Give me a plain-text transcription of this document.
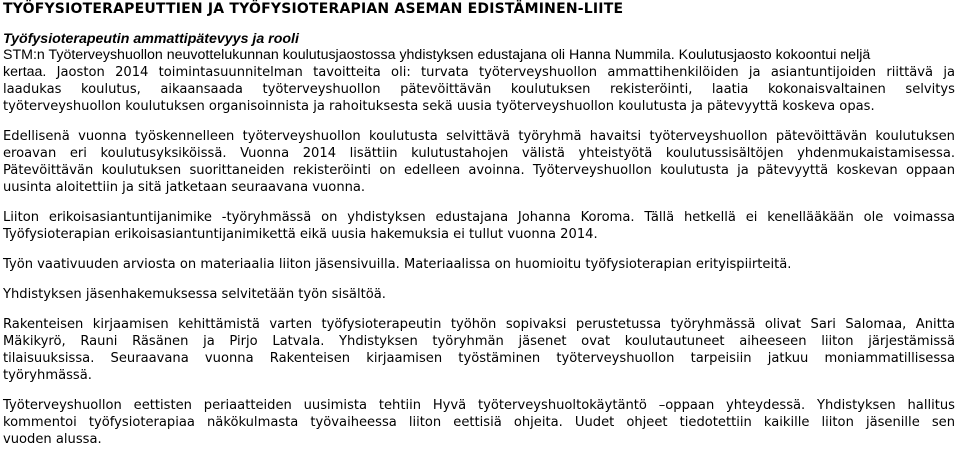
TYÖFYSIOTERAPEUTTIEN JA TYÖFYSIOTERAPIAN ASEMAN EDISTÄMINEN-LIITE
Työfysioterapeutin ammattipätevyys ja rooli
STM:n Työterveyshuollon neuvottelukunnan koulutusjaostossa yhdistyksen edustajana oli Hanna Nummila. Koulutusjaosto kokoontui neljä
kertaa. Jaoston 2014 toimintasuunnitelman tavoitteita oli: turvata työterveyshuollon ammattihenkilöiden ja asiantuntijoiden riittävä ja
laadukas koulutus, aikaansaada työterveyshuollon pätevöittävän koulutuksen rekisteröinti, laatia kokonaisvaltainen selvitys
työterveyshuollon koulutuksen organisoinnista ja rahoituksesta sekä uusia työterveyshuollon koulutusta ja pätevyyttä koskeva opas.
Edellisenä vuonna työskennelleen työterveyshuollon koulutusta selvittävä työryhmä havaitsi työterveyshuollon pätevöittävän koulutuksen
eroavan eri koulutusyksiköissä. Vuonna 2014 lisättiin kulutustahojen välistä yhteistyötä koulutussisältöjen yhdenmukaistamisessa.
Pätevöittävän koulutuksen suorittaneiden rekisteröinti on edelleen avoinna. Työterveyshuollon koulutusta ja pätevyyttä koskevan oppaan
uusinta aloitettiin ja sitä jatketaan seuraavana vuonna.
Liiton erikoisasiantuntijanimike -työryhmässä on yhdistyksen edustajana Johanna Koroma. Tällä hetkellä ei kenellääkään ole voimassa
Työfysioterapian erikoisasiantuntijanimikettä eikä uusia hakemuksia ei tullut vuonna 2014.
Työn vaativuuden arviosta on materiaalia liiton jäsensivuilla. Materiaalissa on huomioitu työfysioterapian erityispiirteitä.
Yhdistyksen jäsenhakemuksessa selvitetään työn sisältöä.
Rakenteisen kirjaamisen kehittämistä varten työfysioterapeutin työhön sopivaksi perustetussa työryhmässä olivat Sari Salomaa, Anitta
Mäkikyrö, Rauni Räsänen ja Pirjo Latvala. Yhdistyksen työryhmän jäsenet ovat koulutautuneet aiheeseen liiton järjestämissä
tilaisuuksissa. Seuraavana vuonna Rakenteisen kirjaamisen työstäminen työterveyshuollon tarpeisiin jatkuu moniammatillisessa
työryhmässä.
Työterveyshuollon eettisten periaatteiden uusimista tehtiin Hyvä työterveyshuoltokäytäntö –oppaan yhteydessä. Yhdistyksen hallitus
kommentoi työfysioterapiaa näkökulmasta työvaiheessa liiton eettisiä ohjeita. Uudet ohjeet tiedotettiin kaikille liiton jäsenille sen
vuoden alussa.
